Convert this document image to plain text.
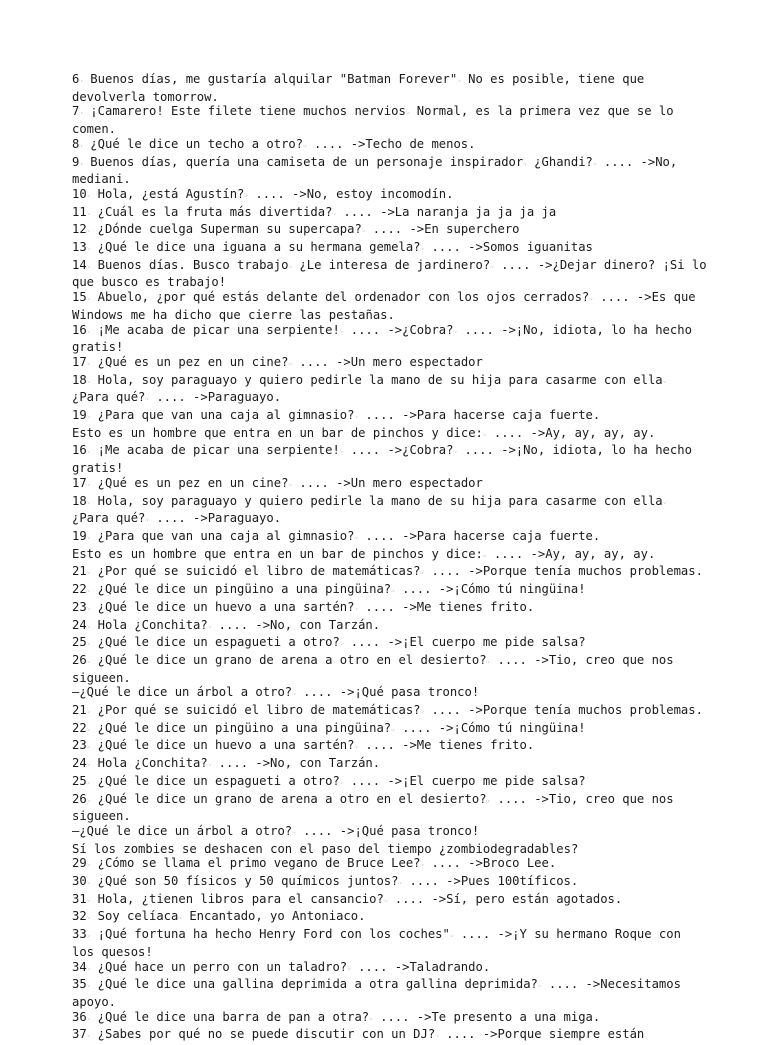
6☞ Buenos días, me gustaría alquilar "Batman Forever"☞ No es posible, tiene que devolverla tomorrow.
7☞ ¡Camarero! Este filete tiene muchos nervios☞ Normal, es la primera vez que se lo comen.
8☞ ¿Qué le dice un techo a otro?☞ .... ->Techo de menos.
9☞ Buenos días, quería una camiseta de un personaje inspirador☞ ¿Ghandi?☞ .... ->No, mediani.
10☞ Hola, ¿está Agustín?☞ .... ->No, estoy incomodín.
11☞ ¿Cuál es la fruta más divertida?☞ .... ->La naranja ja ja ja ja
12☞ ¿Dónde cuelga Superman su supercapa?☞ .... ->En superchero
13☞ ¿Qué le dice una iguana a su hermana gemela?☞ .... ->Somos iguanitas
14☞ Buenos días. Busco trabajo☞ ¿Le interesa de jardinero?☞ .... ->¿Dejar dinero? ¡Si lo que busco es trabajo!
15☞ Abuelo, ¿por qué estás delante del ordenador con los ojos cerrados?☞ .... ->Es que Windows me ha dicho que cierre las pestañas.
16☞ ¡Me acaba de picar una serpiente!☞ .... ->¿Cobra?☞ .... ->¡No, idiota, lo ha hecho gratis!
17☞ ¿Qué es un pez en un cine?☞ .... ->Un mero espectador
18☞ Hola, soy paraguayo y quiero pedirle la mano de su hija para casarme con ella☞ ¿Para qué?☞ .... ->Paraguayo.
19☞ ¿Para que van una caja al gimnasio?☞ .... ->Para hacerse caja fuerte.
Esto es un hombre que entra en un bar de pinchos y dice:☞ .... ->Ay, ay, ay, ay.
16☞ ¡Me acaba de picar una serpiente!☞ .... ->¿Cobra?☞ .... ->¡No, idiota, lo ha hecho gratis!
17☞ ¿Qué es un pez en un cine?☞ .... ->Un mero espectador
18☞ Hola, soy paraguayo y quiero pedirle la mano de su hija para casarme con ella☞ ¿Para qué?☞ .... ->Paraguayo.
19☞ ¿Para que van una caja al gimnasio?☞ .... ->Para hacerse caja fuerte.
Esto es un hombre que entra en un bar de pinchos y dice:☞ .... ->Ay, ay, ay, ay.
21☞ ¿Por qué se suicidó el libro de matemáticas?☞ .... ->Porque tenía muchos problemas.
22☞ ¿Qué le dice un pingüino a una pingüina?☞ .... ->¡Cómo tú ningüina!
23☞ ¿Qué le dice un huevo a una sartén?☞ .... ->Me tienes frito.
24☞ Hola ¿Conchita?☞ .... ->No, con Tarzán.
25☞ ¿Qué le dice un espagueti a otro?☞ .... ->¡El cuerpo me pide salsa?
26☞ ¿Qué le dice un grano de arena a otro en el desierto?☞ .... ->Tio, creo que nos sigueen.
—¿Qué le dice un árbol a otro?☞ .... ->¡Qué pasa tronco!
21☞ ¿Por qué se suicidó el libro de matemáticas?☞ .... ->Porque tenía muchos problemas.
22☞ ¿Qué le dice un pingüino a una pingüina?☞ .... ->¡Cómo tú ningüina!
23☞ ¿Qué le dice un huevo a una sartén?☞ .... ->Me tienes frito.
24☞ Hola ¿Conchita?☞ .... ->No, con Tarzán.
25☞ ¿Qué le dice un espagueti a otro?☞ .... ->¡El cuerpo me pide salsa?
26☞ ¿Qué le dice un grano de arena a otro en el desierto?☞ .... ->Tio, creo que nos sigueen.
—¿Qué le dice un árbol a otro?☞ .... ->¡Qué pasa tronco!
Sí los zombies se deshacen con el paso del tiempo ¿zombiodegradables?
29☞ ¿Cómo se llama el primo vegano de Bruce Lee?☞ .... ->Broco Lee.
30☞ ¿Qué son 50 físicos y 50 químicos juntos?☞ .... ->Pues 100tíficos.
31☞ Hola, ¿tienen libros para el cansancio?☞ .... ->Sí, pero están agotados.
32☞ Soy celíaca☞ Encantado, yo Antoniaco.
33☞ ¡Qué fortuna ha hecho Henry Ford con los coches"☞ .... ->¡Y su hermano Roque con los quesos!
34☞ ¿Qué hace un perro con un taladro?☞ .... ->Taladrando.
35☞ ¿Qué le dice una gallina deprimida a otra gallina deprimida?☞ .... ->Necesitamos apoyo.
36☞ ¿Qué le dice una barra de pan a otra?☞ .... ->Te presento a una miga.
37☞ ¿Sabes por qué no se puede discutir con un DJ?☞ .... ->Porque siempre están
